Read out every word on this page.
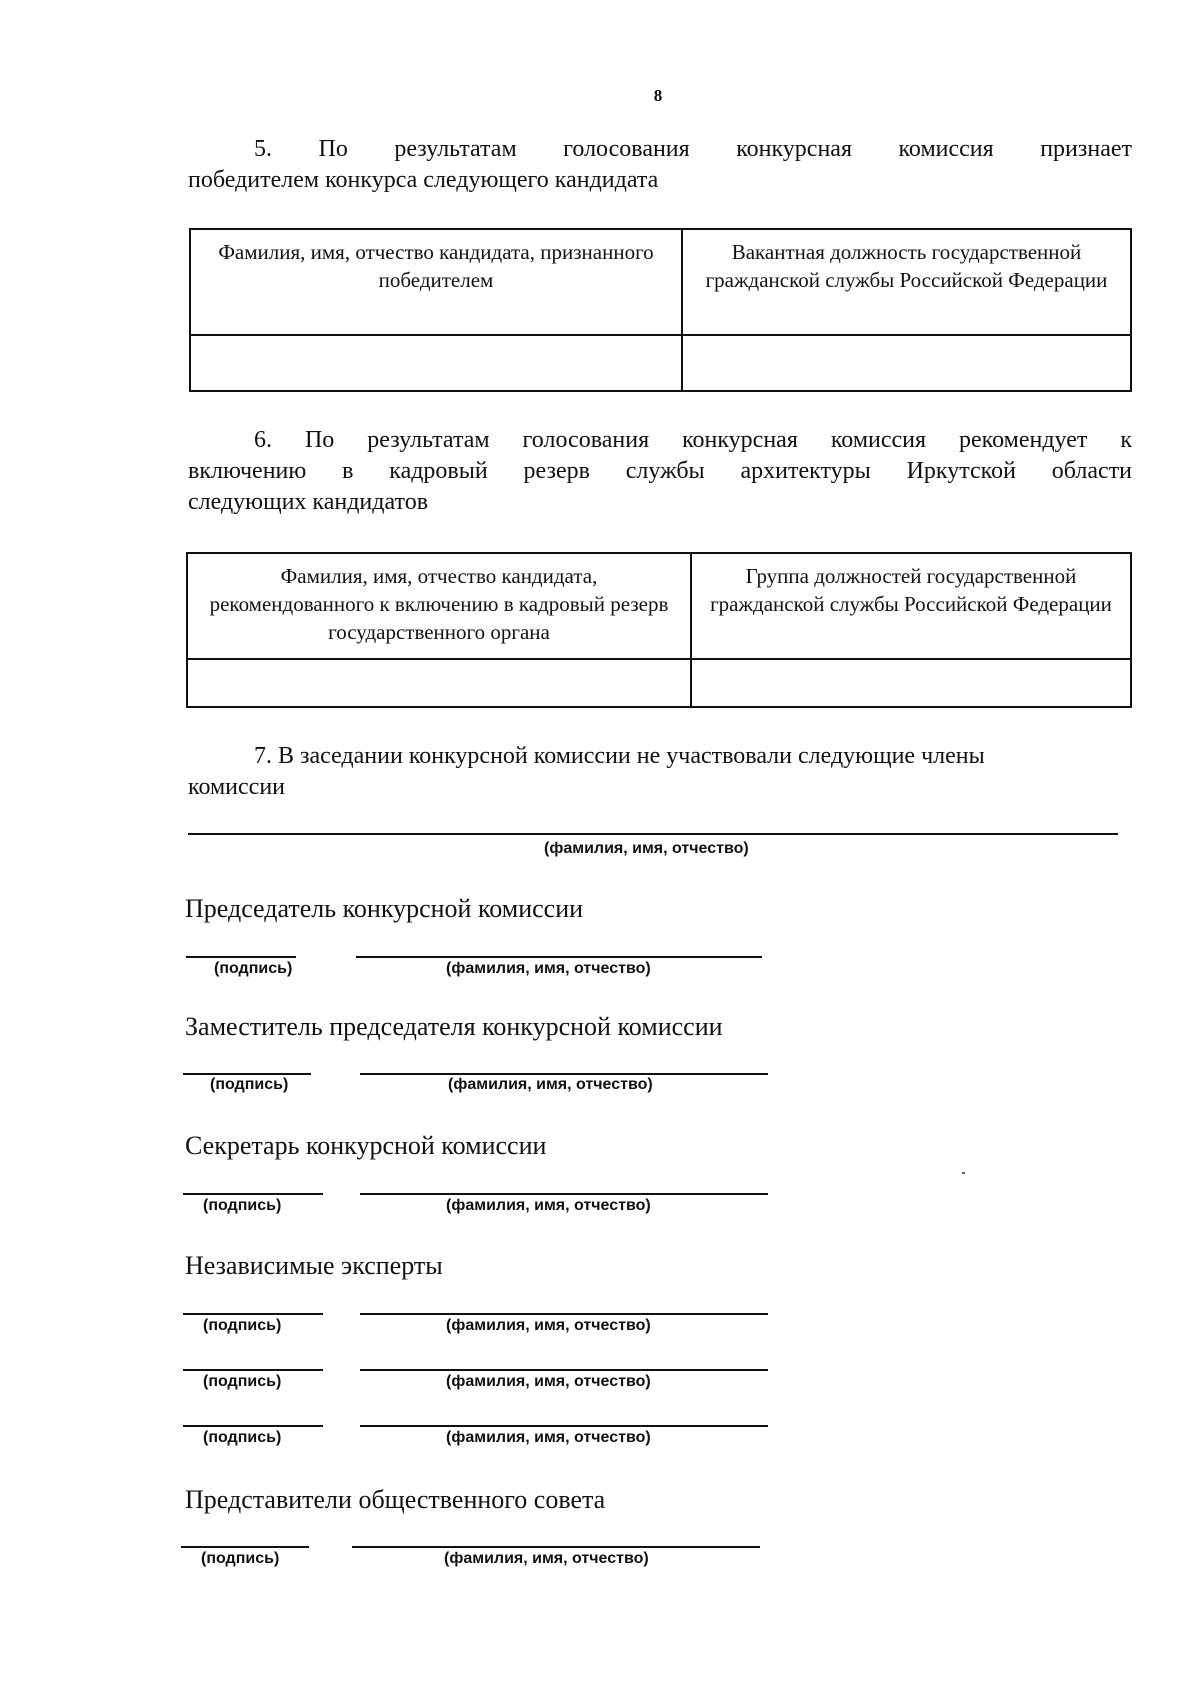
8
5. По результатам голосования конкурсная комиссия признает
победителем конкурса следующего кандидата
Фамилия, имя, отчество кандидата, признанного победителем	Вакантная должность государственной гражданской службы Российской Федерации

6. По результатам голосования конкурсная комиссия рекомендует к
включению в кадровый резерв службы архитектуры Иркутской области
следующих кандидатов
Фамилия, имя, отчество кандидата, рекомендованного к включению в кадровый резерв государственного органа	Группа должностей государственной гражданской службы Российской Федерации

7. В заседании конкурсной комиссии не участвовали следующие члены
комиссии
(фамилия, имя, отчество)
Председатель конкурсной комиссии
(подпись)	(фамилия, имя, отчество)
Заместитель председателя конкурсной комиссии
(подпись)	(фамилия, имя, отчество)
Секретарь конкурсной комиссии
(подпись)	(фамилия, имя, отчество)
Независимые эксперты
(подпись)	(фамилия, имя, отчество)
(подпись)	(фамилия, имя, отчество)
(подпись)	(фамилия, имя, отчество)
Представители общественного совета
(подпись)	(фамилия, имя, отчество)
